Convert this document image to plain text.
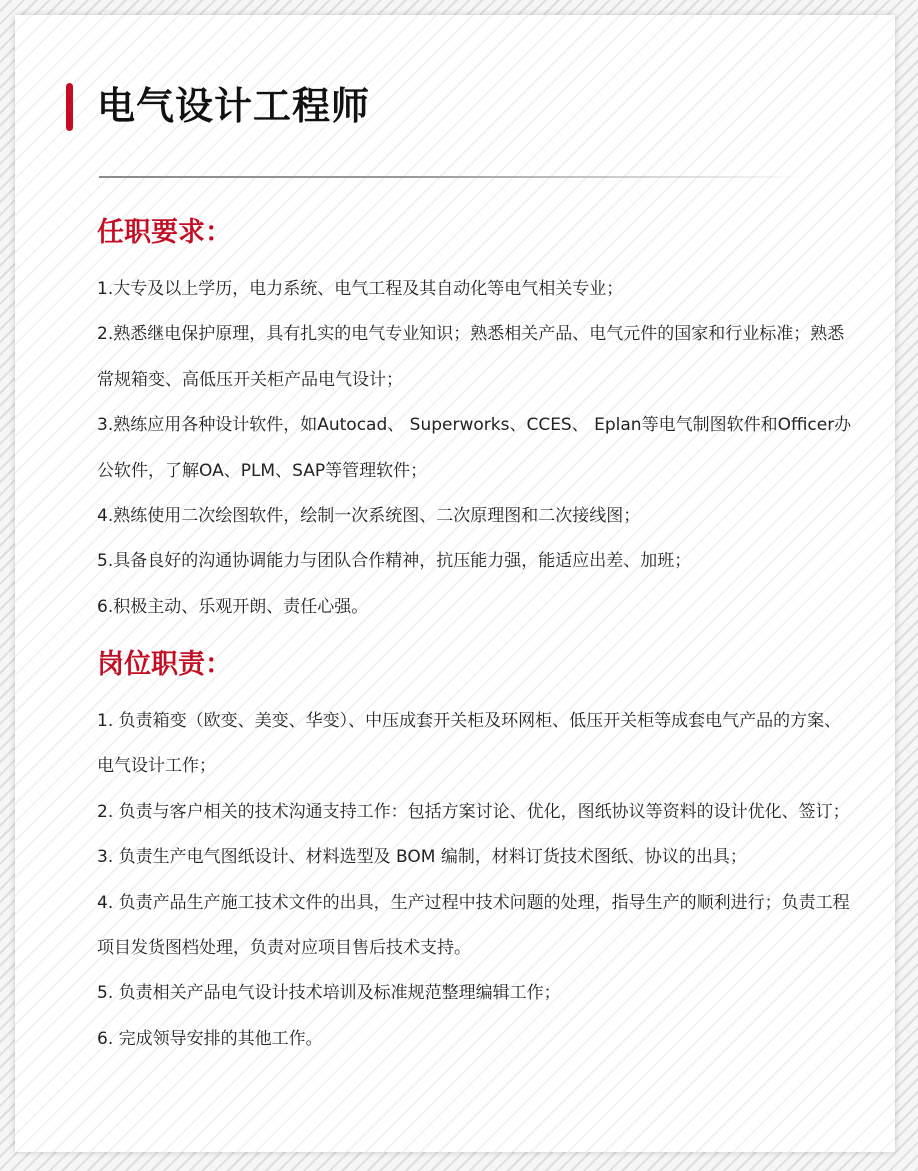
电气设计工程师
任职要求：
1.大专及以上学历，电力系统、电气工程及其自动化等电气相关专业；
2.熟悉继电保护原理，具有扎实的电气专业知识；熟悉相关产品、电气元件的国家和行业标准；熟悉常规箱变、高低压开关柜产品电气设计；
3.熟练应用各种设计软件，如Autocad、 Superworks、CCES、 Eplan等电气制图软件和Officer办公软件，了解OA、PLM、SAP等管理软件；
4.熟练使用二次绘图软件，绘制一次系统图、二次原理图和二次接线图；
5.具备良好的沟通协调能力与团队合作精神，抗压能力强，能适应出差、加班；
6.积极主动、乐观开朗、责任心强。
岗位职责：
1. 负责箱变（欧变、美变、华变）、中压成套开关柜及环网柜、低压开关柜等成套电气产品的方案、电气设计工作；
2. 负责与客户相关的技术沟通支持工作：包括方案讨论、优化，图纸协议等资料的设计优化、签订；
3. 负责生产电气图纸设计、材料选型及 BOM 编制，材料订货技术图纸、协议的出具；
4. 负责产品生产施工技术文件的出具，生产过程中技术问题的处理，指导生产的顺利进行；负责工程项目发货图档处理，负责对应项目售后技术支持。
5. 负责相关产品电气设计技术培训及标准规范整理编辑工作；
6. 完成领导安排的其他工作。
